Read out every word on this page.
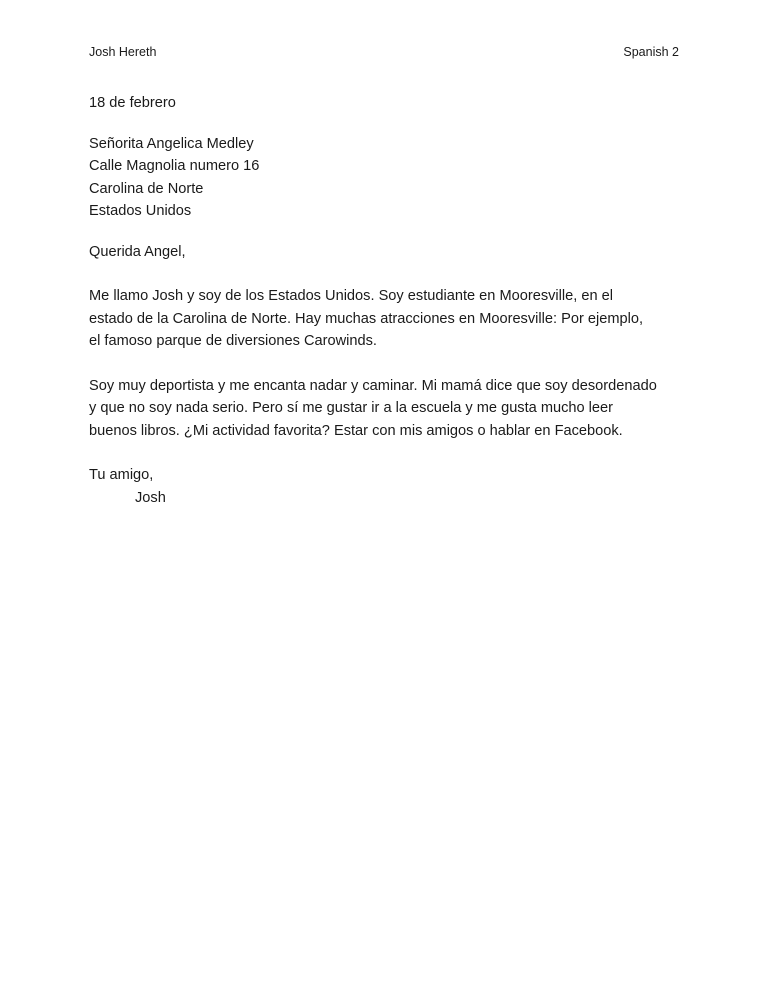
Josh Hereth	Spanish 2
18 de febrero
Señorita Angelica Medley
Calle Magnolia numero 16
Carolina de Norte
Estados Unidos
Querida Angel,
Me llamo Josh y soy de los Estados Unidos. Soy estudiante en Mooresville, en el
estado de la Carolina de Norte. Hay muchas atracciones en Mooresville: Por ejemplo,
el famoso parque de diversiones Carowinds.
Soy muy deportista y me encanta nadar y caminar. Mi mamá dice que soy desordenado
y que no soy nada serio. Pero sí me gustar ir a la escuela y me gusta mucho leer
buenos libros. ¿Mi actividad favorita? Estar con mis amigos o hablar en Facebook.
Tu amigo,
Josh
